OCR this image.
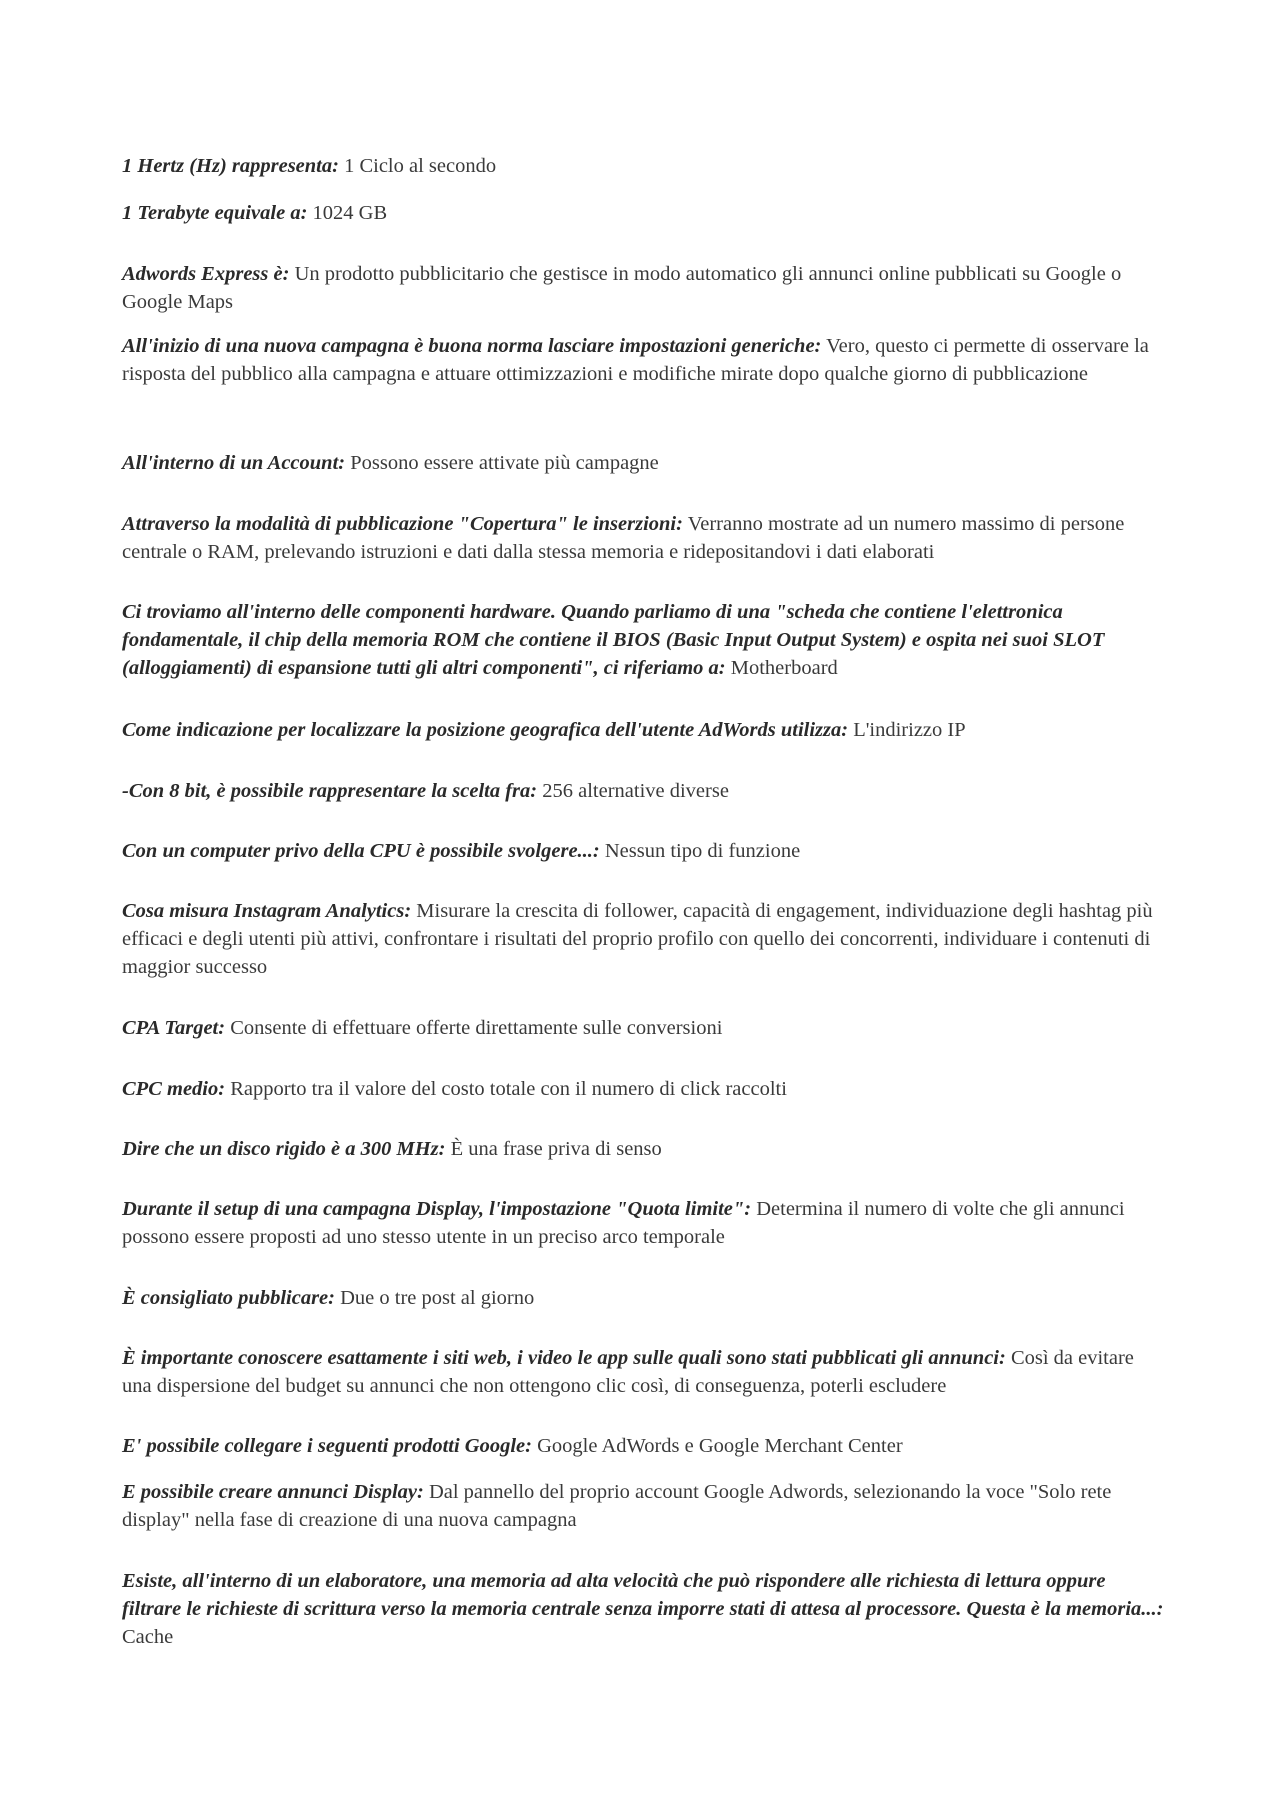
1 Hertz (Hz) rappresenta: 1 Ciclo al secondo

1 Terabyte equivale a: 1024 GB

Adwords Express è: Un prodotto pubblicitario che gestisce in modo automatico gli annunci online pubblicati su Google o Google Maps

All'inizio di una nuova campagna è buona norma lasciare impostazioni generiche: Vero, questo ci permette di osservare la risposta del pubblico alla campagna e attuare ottimizzazioni e modifiche mirate dopo qualche giorno di pubblicazione

All'interno di un Account: Possono essere attivate più campagne

Attraverso la modalità di pubblicazione "Copertura" le inserzioni: Verranno mostrate ad un numero massimo di persone centrale o RAM, prelevando istruzioni e dati dalla stessa memoria e ridepositandovi i dati elaborati

Ci troviamo all'interno delle componenti hardware. Quando parliamo di una "scheda che contiene l'elettronica fondamentale, il chip della memoria ROM che contiene il BIOS (Basic Input Output System) e ospita nei suoi SLOT (alloggiamenti) di espansione tutti gli altri componenti", ci riferiamo a: Motherboard

Come indicazione per localizzare la posizione geografica dell'utente AdWords utilizza: L'indirizzo IP

-Con 8 bit, è possibile rappresentare la scelta fra: 256 alternative diverse

Con un computer privo della CPU è possibile svolgere...: Nessun tipo di funzione

Cosa misura Instagram Analytics: Misurare la crescita di follower, capacità di engagement, individuazione degli hashtag più efficaci e degli utenti più attivi, confrontare i risultati del proprio profilo con quello dei concorrenti, individuare i contenuti di maggior successo

CPA Target: Consente di effettuare offerte direttamente sulle conversioni

CPC medio: Rapporto tra il valore del costo totale con il numero di click raccolti

Dire che un disco rigido è a 300 MHz: È una frase priva di senso

Durante il setup di una campagna Display, l'impostazione "Quota limite": Determina il numero di volte che gli annunci possono essere proposti ad uno stesso utente in un preciso arco temporale

È consigliato pubblicare: Due o tre post al giorno

È importante conoscere esattamente i siti web, i video le app sulle quali sono stati pubblicati gli annunci: Così da evitare una dispersione del budget su annunci che non ottengono clic così, di conseguenza, poterli escludere

E' possibile collegare i seguenti prodotti Google: Google AdWords e Google Merchant Center

E possibile creare annunci Display: Dal pannello del proprio account Google Adwords, selezionando la voce "Solo rete display" nella fase di creazione di una nuova campagna

Esiste, all'interno di un elaboratore, una memoria ad alta velocità che può rispondere alle richiesta di lettura oppure filtrare le richieste di scrittura verso la memoria centrale senza imporre stati di attesa al processore. Questa è la memoria...: Cache
